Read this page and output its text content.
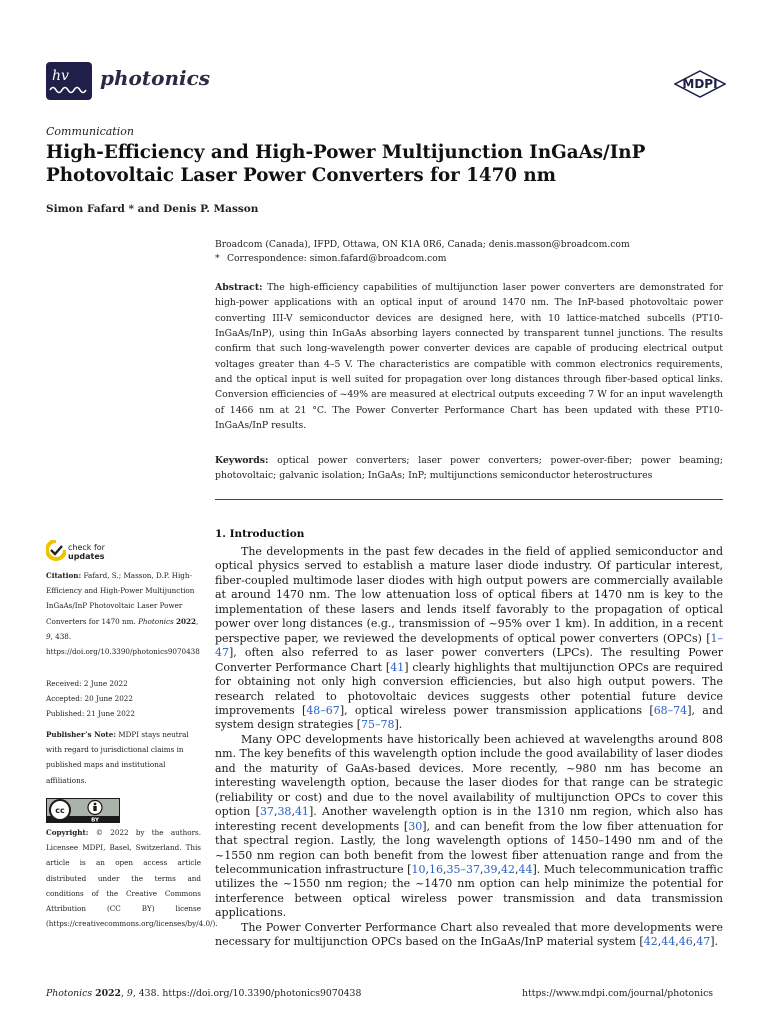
hv photonics	MDPI
Communication
High-Efficiency and High-Power Multijunction InGaAs/InP
Photovoltaic Laser Power Converters for 1470 nm
Simon Fafard * and Denis P. Masson
Broadcom (Canada), IFPD, Ottawa, ON K1A 0R6, Canada; denis.masson@broadcom.com
* Correspondence: simon.fafard@broadcom.com
Abstract: The high-efficiency capabilities of multijunction laser power converters are demonstrated for high-power applications with an optical input of around 1470 nm. The InP-based photovoltaic power converting III-V semiconductor devices are designed here, with 10 lattice-matched subcells (PT10-InGaAs/InP), using thin InGaAs absorbing layers connected by transparent tunnel junctions. The results confirm that such long-wavelength power converter devices are capable of producing electrical output voltages greater than 4–5 V. The characteristics are compatible with common electronics requirements, and the optical input is well suited for propagation over long distances through fiber-based optical links. Conversion efficiencies of ~49% are measured at electrical outputs exceeding 7 W for an input wavelength of 1466 nm at 21 °C. The Power Converter Performance Chart has been updated with these PT10-InGaAs/InP results.
Keywords: optical power converters; laser power converters; power-over-fiber; power beaming; photovoltaic; galvanic isolation; InGaAs; InP; multijunctions semiconductor heterostructures
1. Introduction

The developments in the past few decades in the field of applied semiconductor and optical physics served to establish a mature laser diode industry. Of particular interest, fiber-coupled multimode laser diodes with high output powers are commercially available at around 1470 nm. The low attenuation loss of optical fibers at 1470 nm is key to the implementation of these lasers and lends itself favorably to the propagation of optical power over long distances (e.g., transmission of ~95% over 1 km). In addition, in a recent perspective paper, we reviewed the developments of optical power converters (OPCs) [1–47], often also referred to as laser power converters (LPCs). The resulting Power Converter Performance Chart [41] clearly highlights that multijunction OPCs are required for obtaining not only high conversion efficiencies, but also high output powers. The research related to photovoltaic devices suggests other potential future device improvements [48–67], optical wireless power transmission applications [68–74], and system design strategies [75–78].

Many OPC developments have historically been achieved at wavelengths around 808 nm. The key benefits of this wavelength option include the good availability of laser diodes and the maturity of GaAs-based devices. More recently, ~980 nm has become an interesting wavelength option, because the laser diodes for that range can be strategic (reliability or cost) and due to the novel availability of multijunction OPCs to cover this option [37,38,41]. Another wavelength option is in the 1310 nm region, which also has interesting recent developments [30], and can benefit from the low fiber attenuation for that spectral region. Lastly, the long wavelength options of 1450–1490 nm and of the ~1550 nm region can both benefit from the lowest fiber attenuation range and from the telecommunication infrastructure [10,16,35–37,39,42,44]. Much telecommunication traffic utilizes the ~1550 nm region; the ~1470 nm option can help minimize the potential for interference between optical wireless power transmission and data transmission applications.

The Power Converter Performance Chart also revealed that more developments were necessary for multijunction OPCs based on the InGaAs/InP material system [42,44,46,47].

check for
updates
Citation: Fafard, S.; Masson, D.P. High-Efficiency and High-Power Multijunction InGaAs/InP Photovoltaic Laser Power Converters for 1470 nm. Photonics 2022, 9, 438. https://doi.org/10.3390/photonics9070438
Received: 2 June 2022
Accepted: 20 June 2022
Published: 21 June 2022
Publisher’s Note: MDPI stays neutral with regard to jurisdictional claims in published maps and institutional affiliations.
cc
BY
Copyright: © 2022 by the authors. Licensee MDPI, Basel, Switzerland. This article is an open access article distributed under the terms and conditions of the Creative Commons Attribution (CC BY) license (https://creativecommons.org/licenses/by/4.0/).
Photonics 2022, 9, 438. https://doi.org/10.3390/photonics9070438	https://www.mdpi.com/journal/photonics
